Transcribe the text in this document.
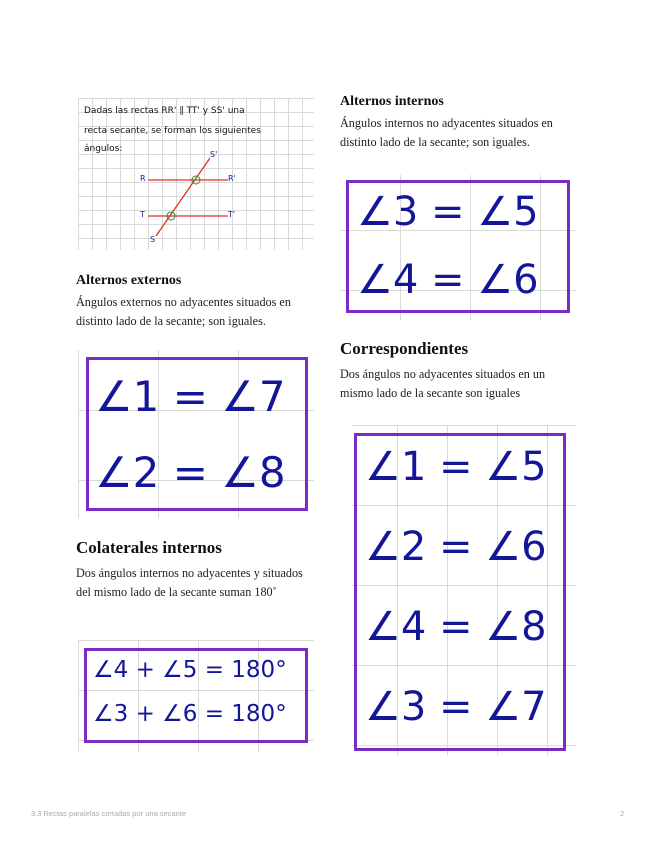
Dadas las rectas RR' ∥ TT' y SS' una
recta secante, se forman los siguientes
ángulos:
R	R'
T	T'
S
S'
Alternos externos

Ángulos externos no adyacentes situados en distinto lado de la secante; son iguales.

∠1 = ∠7
∠2 = ∠8
Colaterales internos

Dos ángulos internos no adyacentes y situados del mismo lado de la secante suman 180˚

∠4 + ∠5 = 180°
∠3 + ∠6 = 180°
Alternos internos

Ángulos internos no adyacentes situados en distinto lado de la secante; son iguales.

∠3 = ∠5
∠4 = ∠6
Correspondientes

Dos ángulos no adyacentes situados en un mismo lado de la secante son iguales

∠1 = ∠5
∠2 = ∠6
∠4 = ∠8
∠3 = ∠7
3.3 Rectas paralelas cortadas por una secante	2
